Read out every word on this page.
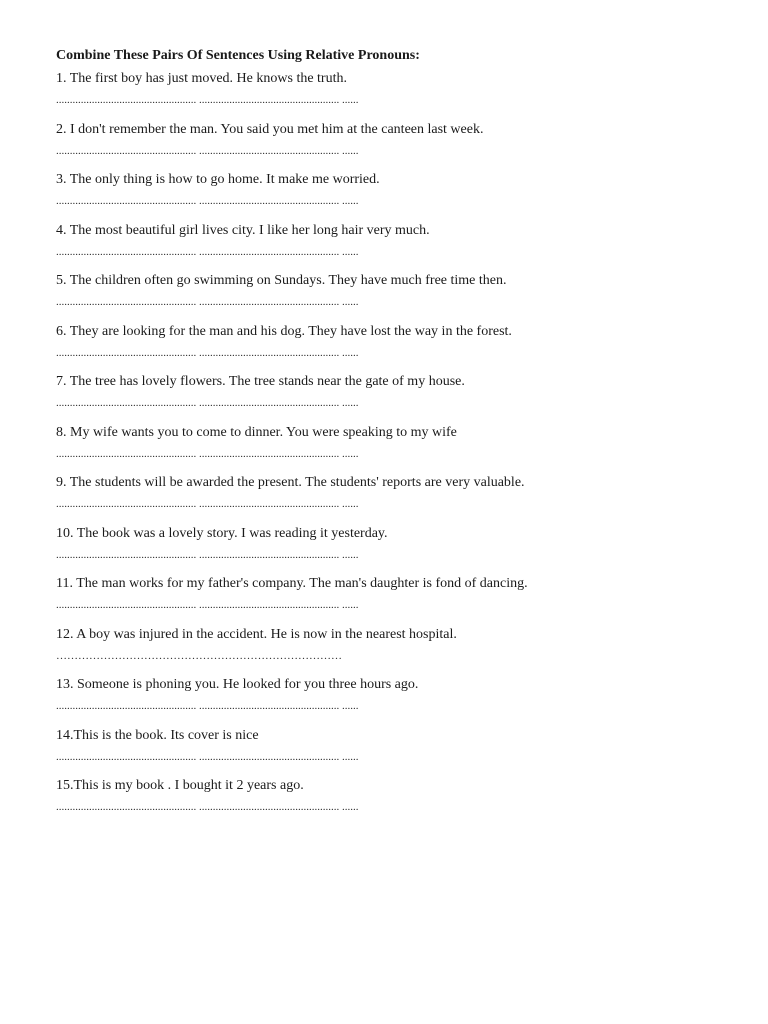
Combine These Pairs Of Sentences Using Relative Pronouns:
1. The first boy has just moved. He knows the truth.
................................................... ................................................... ......
2. I don't remember the man. You said you met him at the canteen last week.
................................................... ................................................... ......
3. The only thing is how to go home. It make me worried.
................................................... ................................................... ......
4. The most beautiful girl lives city. I like her long hair very much.
................................................... ................................................... ......
5. The children often go swimming on Sundays. They have much free time then.
................................................... ................................................... ......
6. They are looking for the man and his dog. They have lost the way in the forest.
................................................... ................................................... ......
7. The tree has lovely flowers. The tree stands near the gate of my house.
................................................... ................................................... ......
8. My wife wants you to come to dinner. You were speaking to my wife
................................................... ................................................... ......
9. The students will be awarded the present. The students' reports are very valuable.
................................................... ................................................... ......
10. The book was a lovely story. I was reading it yesterday.
................................................... ................................................... ......
11. The man works for my father's company. The man's daughter is fond of dancing.
................................................... ................................................... ......
12. A boy was injured in the accident. He is now in the nearest hospital.
……………………………………………………………………
13. Someone is phoning you. He looked for you three hours ago.
................................................... ................................................... ......
14.This is the book. Its cover is nice
................................................... ................................................... ......
15.This is my book . I bought it 2 years ago.
................................................... ................................................... ......
